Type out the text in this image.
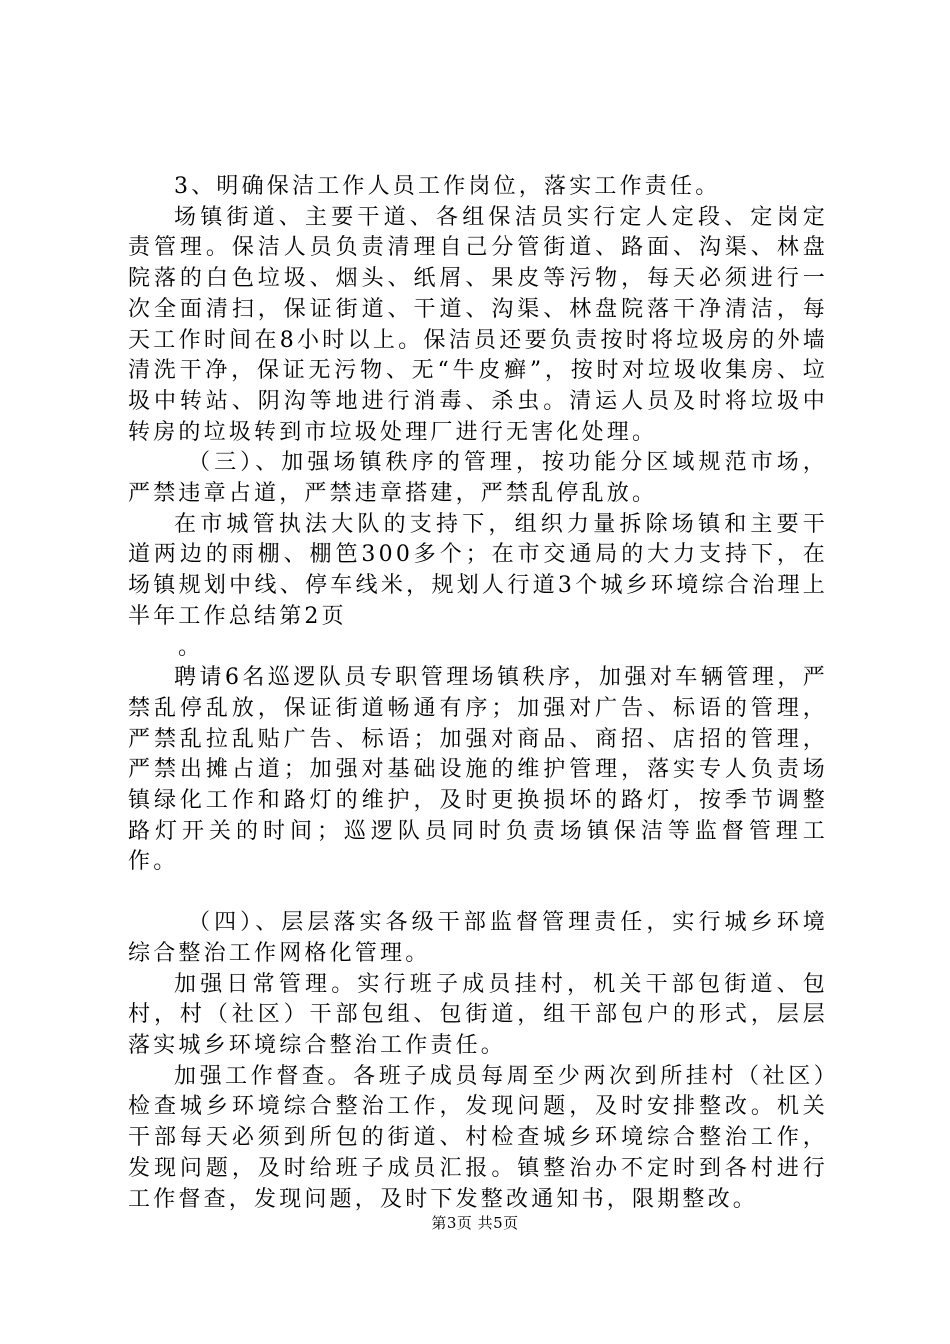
3、明确保洁工作人员工作岗位，落实工作责任。

场镇街道、主要干道、各组保洁员实行定人定段、定岗定责管理。保洁人员负责清理自己分管街道、路面、沟渠、林盘院落的白色垃圾、烟头、纸屑、果皮等污物，每天必须进行一次全面清扫，保证街道、干道、沟渠、林盘院落干净清洁，每天工作时间在8小时以上。保洁员还要负责按时将垃圾房的外墙清洗干净，保证无污物、无“牛皮癣”，按时对垃圾收集房、垃圾中转站、阴沟等地进行消毒、杀虫。清运人员及时将垃圾中转房的垃圾转到市垃圾处理厂进行无害化处理。

（三）、加强场镇秩序的管理，按功能分区域规范市场，严禁违章占道，严禁违章搭建，严禁乱停乱放。

在市城管执法大队的支持下，组织力量拆除场镇和主要干道两边的雨棚、棚笆300多个；在市交通局的大力支持下，在场镇规划中线、停车线米，规划人行道3个城乡环境综合治理上半年工作总结第2页

。

聘请6名巡逻队员专职管理场镇秩序，加强对车辆管理，严禁乱停乱放，保证街道畅通有序；加强对广告、标语的管理，严禁乱拉乱贴广告、标语；加强对商品、商招、店招的管理，严禁出摊占道；加强对基础设施的维护管理，落实专人负责场镇绿化工作和路灯的维护，及时更换损坏的路灯，按季节调整路灯开关的时间；巡逻队员同时负责场镇保洁等监督管理工作。

（四）、层层落实各级干部监督管理责任，实行城乡环境综合整治工作网格化管理。

加强日常管理。实行班子成员挂村，机关干部包街道、包村，村（社区）干部包组、包街道，组干部包户的形式，层层落实城乡环境综合整治工作责任。

加强工作督查。各班子成员每周至少两次到所挂村（社区）检查城乡环境综合整治工作，发现问题，及时安排整改。机关干部每天必须到所包的街道、村检查城乡环境综合整治工作，发现问题，及时给班子成员汇报。镇整治办不定时到各村进行工作督查，发现问题，及时下发整改通知书，限期整改。

第3页 共5页
